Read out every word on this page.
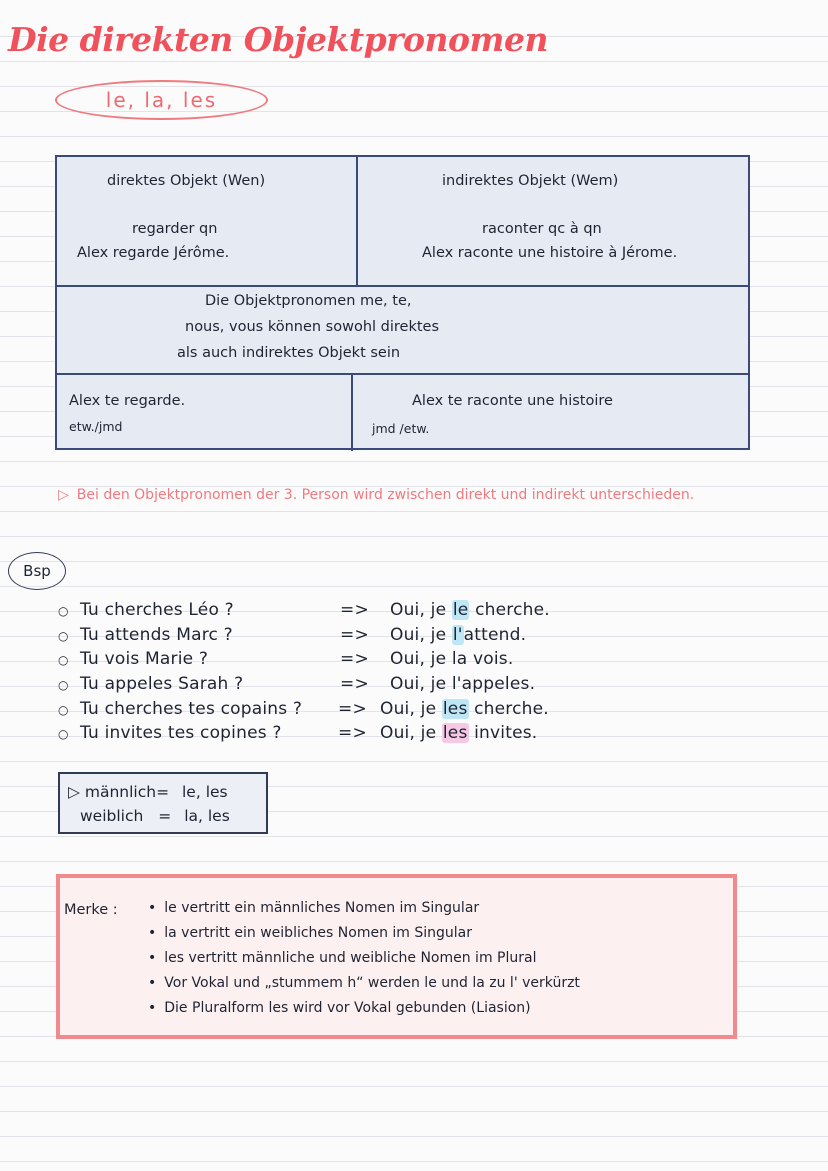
Die direkten Objektpronomen
le, la, les
direktes Objekt (Wen)	indirektes Objekt (Wem)
regarder qn
Alex regarde Jérôme.
raconter qc à qn
Alex raconte une histoire à Jérome.
Die Objektpronomen me, te,
nous, vous können sowohl direktes
als auch indirektes Objekt sein
Alex te regarde.
etw./jmd
Alex te raconte une histoire
jmd /etw.
▷ Bei den Objektpronomen der 3. Person wird zwischen direkt und indirekt unterschieden.
Bsp
○ Tu cherches Léo ?	=> Oui, je le cherche.
○ Tu attends Marc ?	=> Oui, je l'attend.
○ Tu vois Marie ?	=> Oui, je la vois.
○ Tu appeles Sarah ?	=> Oui, je l'appeles.
○ Tu cherches tes copains ? => Oui, je les cherche.
○ Tu invites tes copines ?	=> Oui, je les invites.
▷ männlich= le, les
weiblich = la, les
Merke :
•	le vertritt ein männliches Nomen im Singular
• la vertritt ein weibliches Nomen im Singular
• les vertritt männliche und weibliche Nomen im Plural
• Vor Vokal und „stummem h“ werden le und la zu l' verkürzt
• Die Pluralform les wird vor Vokal gebunden (Liasion)
